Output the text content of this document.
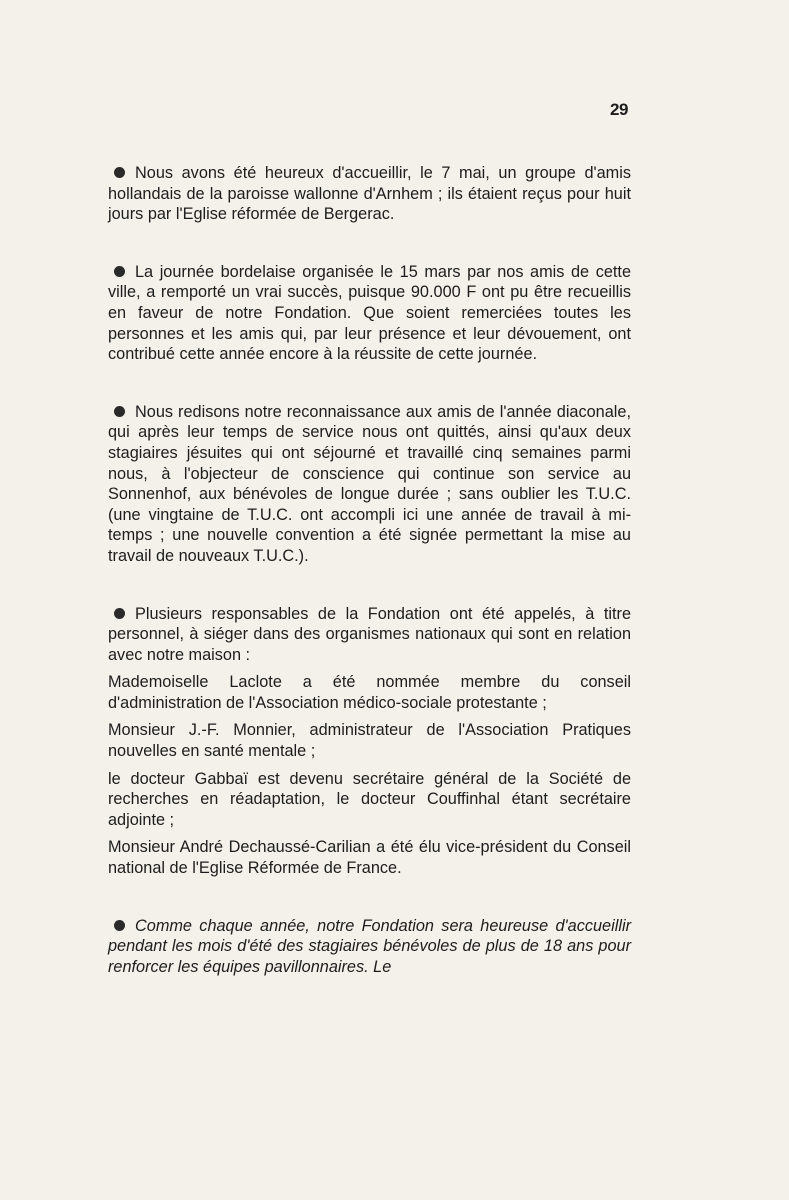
29

Nous avons été heureux d'accueillir, le 7 mai, un groupe d'amis hollandais de la paroisse wallonne d'Arnhem ; ils étaient reçus pour huit jours par l'Eglise réformée de Bergerac.

La journée bordelaise organisée le 15 mars par nos amis de cette ville, a remporté un vrai succès, puisque 90.000 F ont pu être recueillis en faveur de notre Fondation. Que soient remerciées toutes les personnes et les amis qui, par leur présence et leur dévouement, ont contribué cette année encore à la réussite de cette journée.

Nous redisons notre reconnaissance aux amis de l'année diaconale, qui après leur temps de service nous ont quittés, ainsi qu'aux deux stagiaires jésuites qui ont séjourné et travaillé cinq semaines parmi nous, à l'objecteur de conscience qui continue son service au Sonnenhof, aux bénévoles de longue durée ; sans oublier les T.U.C. (une vingtaine de T.U.C. ont accompli ici une année de travail à mi-temps ; une nouvelle convention a été signée permettant la mise au travail de nouveaux T.U.C.).

Plusieurs responsables de la Fondation ont été appelés, à titre personnel, à siéger dans des organismes nationaux qui sont en relation avec notre maison :

Mademoiselle Laclote a été nommée membre du conseil d'administration de l'Association médico-sociale protestante ;

Monsieur J.-F. Monnier, administrateur de l'Association Pratiques nouvelles en santé mentale ;

le docteur Gabbaï est devenu secrétaire général de la Société de recherches en réadaptation, le docteur Couffinhal étant secrétaire adjointe ;

Monsieur André Dechaussé-Carilian a été élu vice-président du Conseil national de l'Eglise Réformée de France.

Comme chaque année, notre Fondation sera heureuse d'accueillir pendant les mois d'été des stagiaires bénévoles de plus de 18 ans pour renforcer les équipes pavillonnaires. Le
